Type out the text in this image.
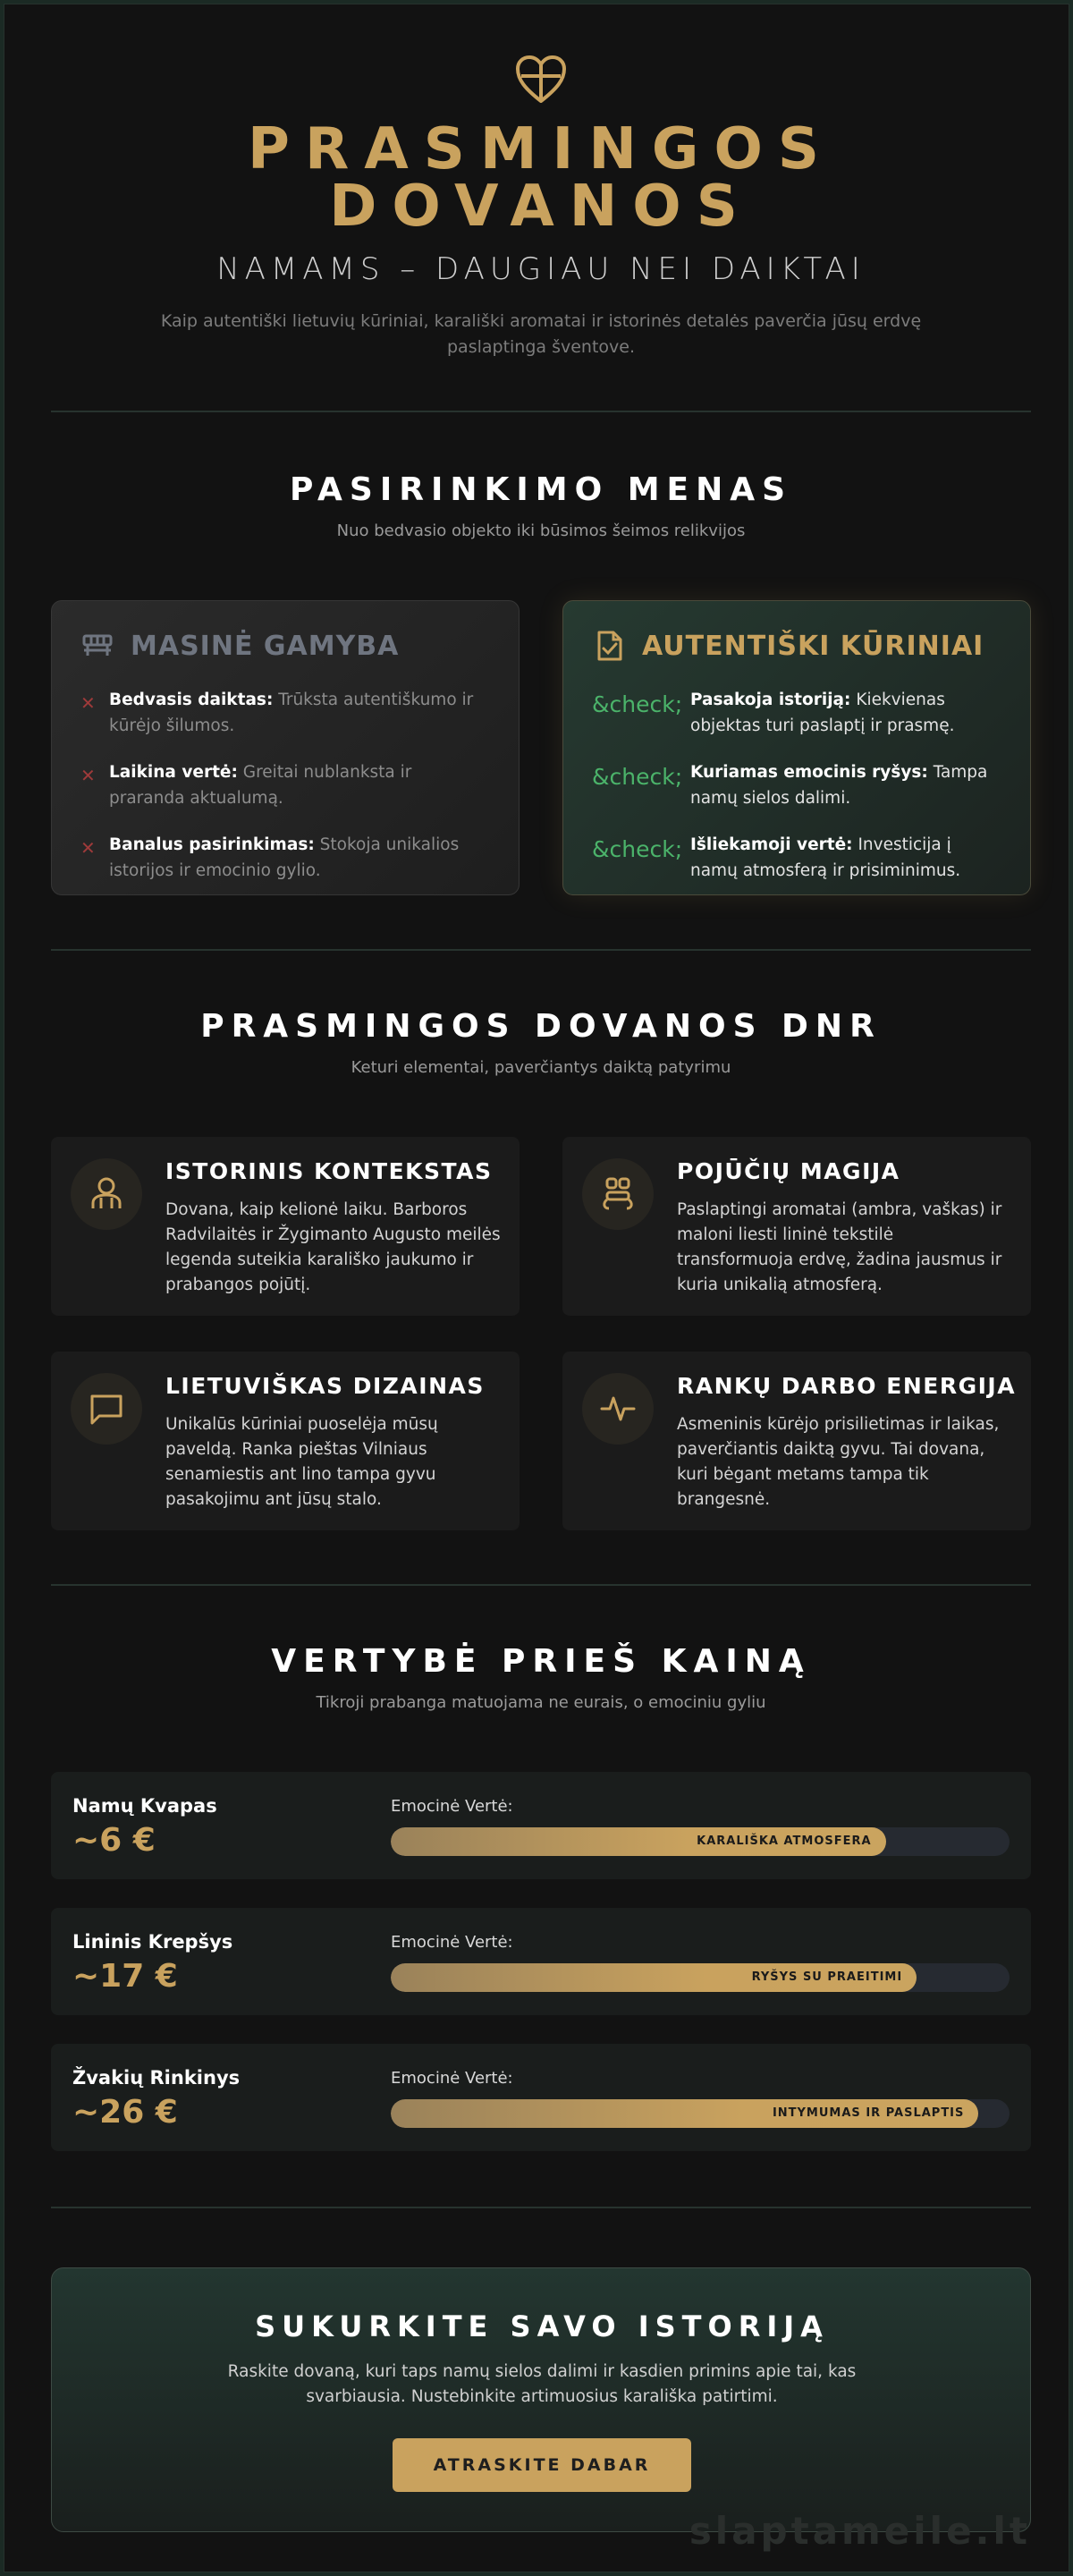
PRASMINGOS
DOVANOS
NAMAMS – DAUGIAU NEI DAIKTAI
Kaip autentiški lietuvių kūriniai, karališki aromatai ir istorinės detalės paverčia jūsų erdvę paslaptinga šventove.
PASIRINKIMO MENAS
Nuo bedvasio objekto iki būsimos šeimos relikvijos
MASINĖ GAMYBA
✕ Bedvasis daiktas: Trūksta autentiškumo ir kūrėjo šilumos.
✕ Laikina vertė: Greitai nublanksta ir praranda aktualumą.
✕ Banalus pasirinkimas: Stokoja unikalios istorijos ir emocinio gylio.
AUTENTIŠKI KŪRINIAI
&check; Pasakoja istoriją: Kiekvienas objektas turi paslaptį ir prasmę.
&check; Kuriamas emocinis ryšys: Tampa namų sielos dalimi.
&check; Išliekamoji vertė: Investicija į namų atmosferą ir prisiminimus.
PRASMINGOS DOVANOS DNR
Keturi elementai, paverčiantys daiktą patyrimu
ISTORINIS KONTEKSTAS
Dovana, kaip kelionė laiku. Barboros Radvilaitės ir Žygimanto Augusto meilės legenda suteikia karališko jaukumo ir prabangos pojūtį.
POJŪČIŲ MAGIJA
Paslaptingi aromatai (ambra, vaškas) ir maloni liesti lininė tekstilė transformuoja erdvę, žadina jausmus ir kuria unikalią atmosferą.
LIETUVIŠKAS DIZAINAS
Unikalūs kūriniai puoselėja mūsų paveldą. Ranka pieštas Vilniaus senamiestis ant lino tampa gyvu pasakojimu ant jūsų stalo.
RANKŲ DARBO ENERGIJA
Asmeninis kūrėjo prisilietimas ir laikas, paverčiantis daiktą gyvu. Tai dovana, kuri bėgant metams tampa tik brangesnė.
VERTYBĖ PRIEŠ KAINĄ
Tikroji prabanga matuojama ne eurais, o emociniu gyliu
Namų Kvapas
~6 €
Emocinė Vertė:
KARALIŠKA ATMOSFERA
Lininis Krepšys
~17 €
Emocinė Vertė:
RYŠYS SU PRAEITIMI
Žvakių Rinkinys
~26 €
Emocinė Vertė:
INTYMUMAS IR PASLAPTIS
SUKURKITE SAVO ISTORIJĄ
Raskite dovaną, kuri taps namų sielos dalimi ir kasdien primins apie tai, kas svarbiausia. Nustebinkite artimuosius karališka patirtimi.
ATRASKITE DABAR
slaptameile.lt
